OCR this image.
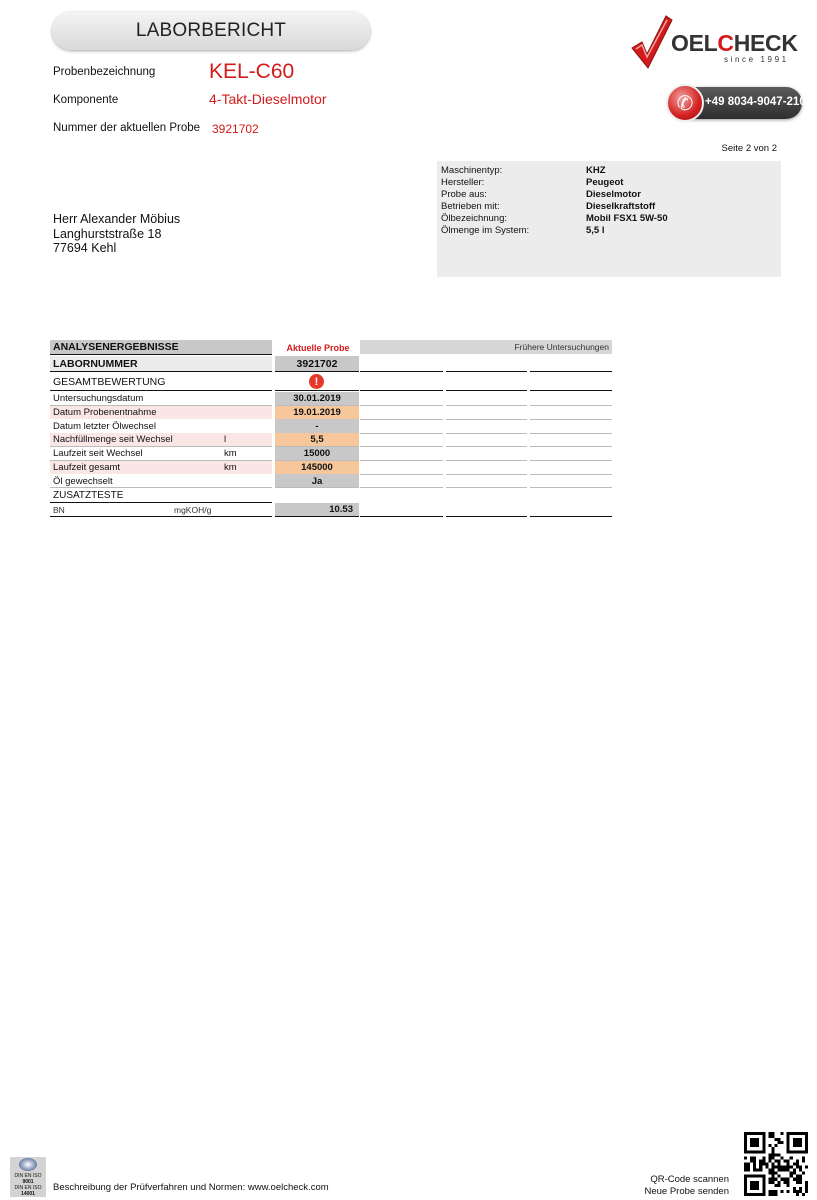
LABORBERICHT	OELCHECK
since 1991
✆	+49 8034-9047-210
Probenbezeichnung	KEL-C60
Komponente	4-Takt-Dieselmotor
Nummer der aktuellen Probe 3921702
Seite 2 von 2
Maschinentyp:	KHZ
Hersteller:	Peugeot
Probe aus:	Dieselmotor
Betrieben mit:	Dieselkraftstoff
Ölbezeichnung:	Mobil FSX1 5W-50
Ölmenge im System:	5,5 l
Herr Alexander Möbius
Langhurststraße 18
77694 Kehl
ANALYSENERGEBNISSE	Aktuelle Probe	Frühere Untersuchungen
LABORNUMMER	3921702
GESAMTBEWERTUNG	!
Untersuchungsdatum	30.01.2019
Datum Probenentnahme	19.01.2019
Datum letzter Ölwechsel	-
Nachfüllmenge seit Wechsel	l	5,5
Laufzeit seit Wechsel	km	15000
Laufzeit gesamt	km	145000
Öl gewechselt	Ja
ZUSATZTESTE
BN	mgKOH/g	10.53
DIN EN ISO
9001
DIN EN ISO
14001
Beschreibung der Prüfverfahren und Normen: www.oelcheck.com
QR-Code scannen
Neue Probe senden
